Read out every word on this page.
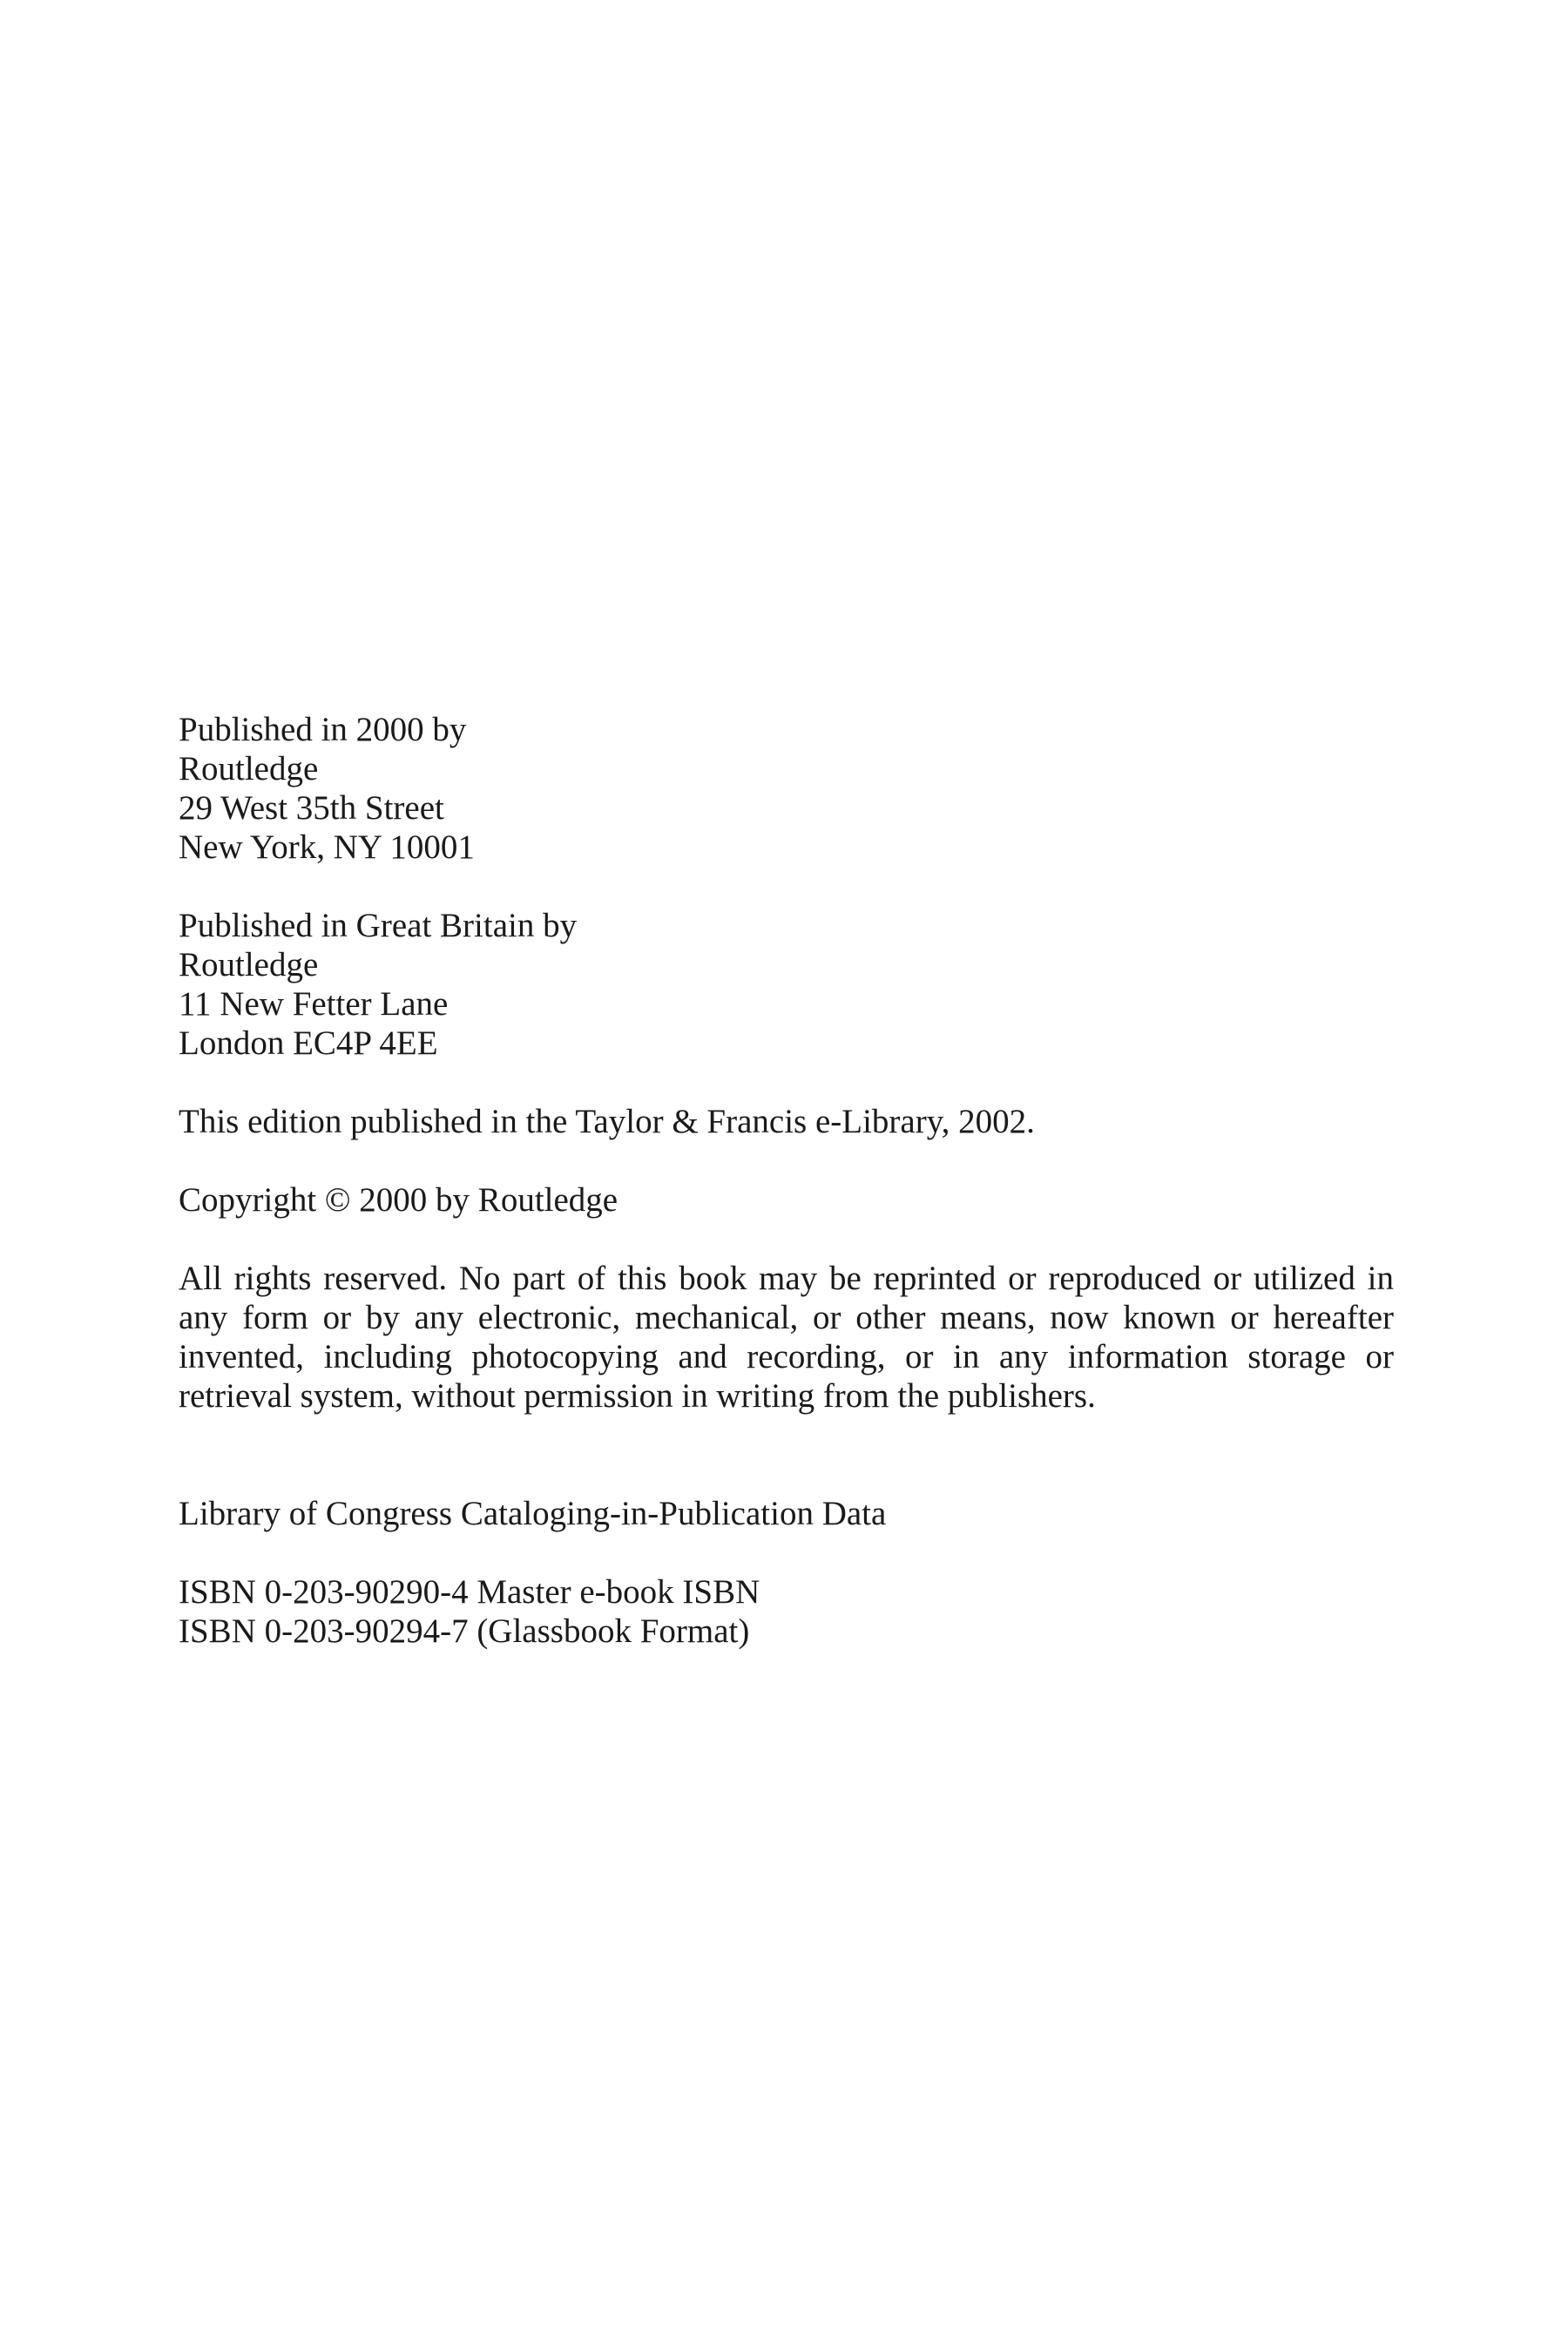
Published in 2000 by
Routledge
29 West 35th Street
New York, NY 10001
Published in Great Britain by
Routledge
11 New Fetter Lane
London EC4P 4EE
This edition published in the Taylor & Francis e-Library, 2002.
Copyright © 2000 by Routledge
All rights reserved. No part of this book may be reprinted or reproduced or utilized in
any form or by any electronic, mechanical, or other means, now known or hereafter
invented, including photocopying and recording, or in any information storage or
retrieval system, without permission in writing from the publishers.
Library of Congress Cataloging-in-Publication Data
ISBN 0-203-90290-4 Master e-book ISBN
ISBN 0-203-90294-7 (Glassbook Format)
